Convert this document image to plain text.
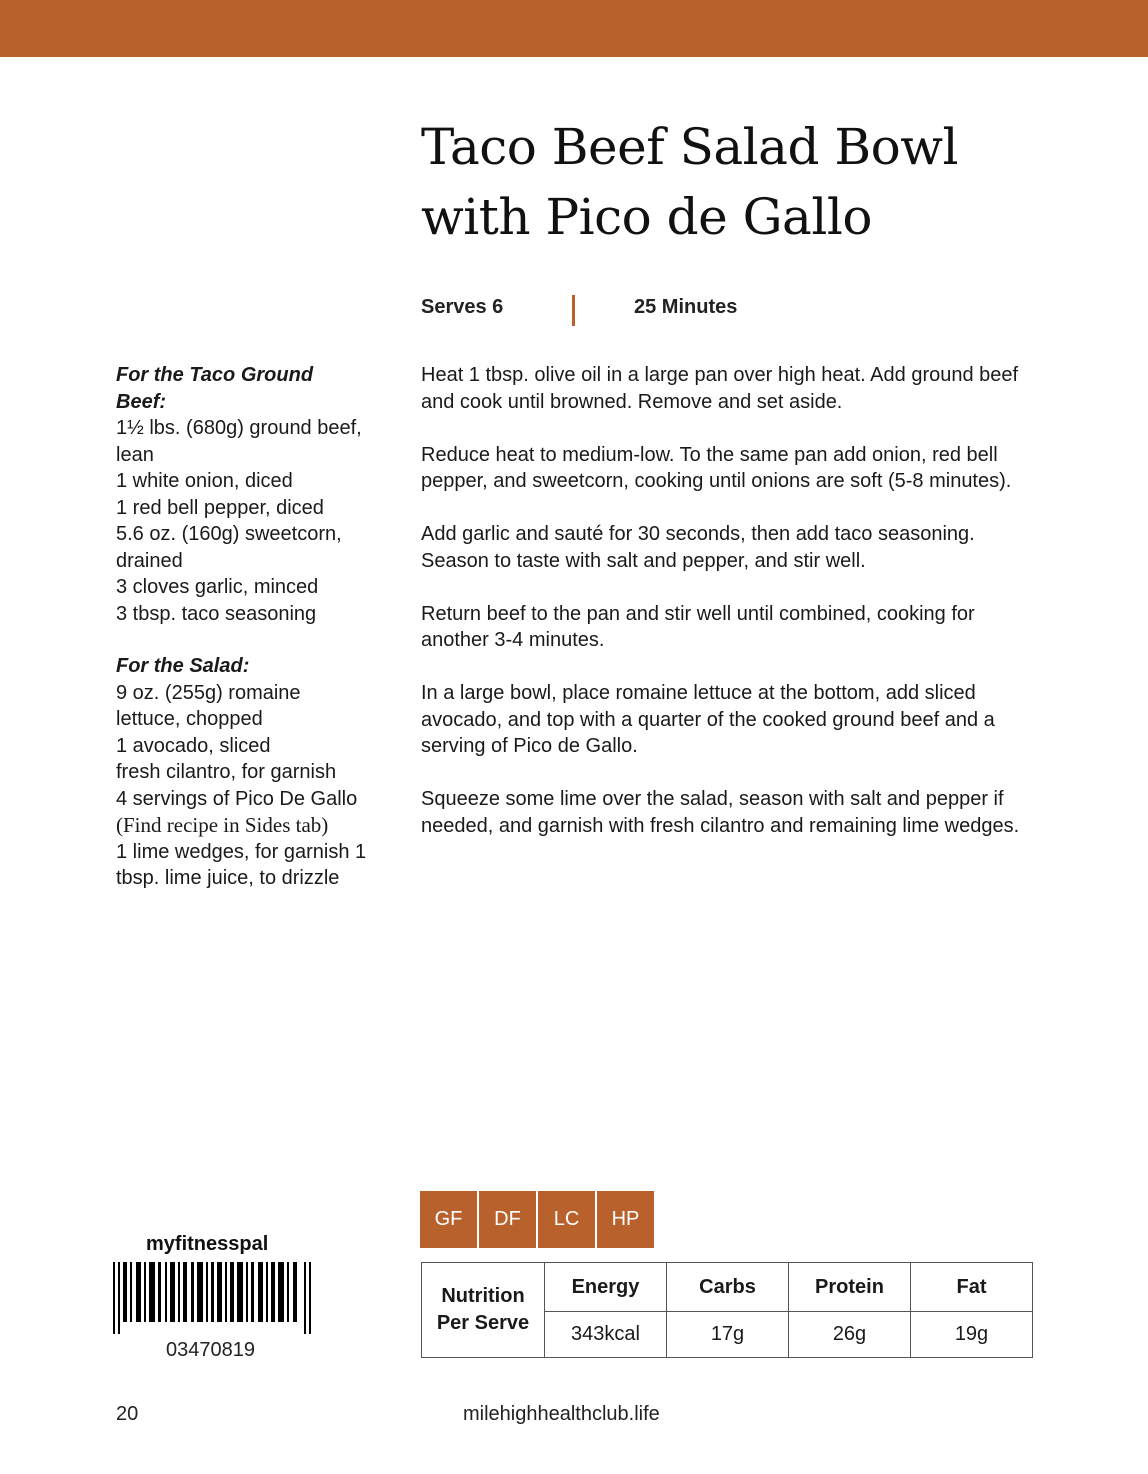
Taco Beef Salad Bowl
with Pico de Gallo
Serves 6	25 Minutes
For the Taco Ground
Beef:
1½ lbs. (680g) ground beef,
lean
1 white onion, diced
1 red bell pepper, diced
5.6 oz. (160g) sweetcorn,
drained
3 cloves garlic, minced
3 tbsp. taco seasoning
For the Salad:
9 oz. (255g) romaine
lettuce, chopped
1 avocado, sliced
fresh cilantro, for garnish
4 servings of Pico De Gallo
(Find recipe in Sides tab)
1 lime wedges, for garnish 1
tbsp. lime juice, to drizzle

Heat 1 tbsp. olive oil in a large pan over high heat. Add ground beef and cook until browned. Remove and set aside.

Reduce heat to medium-low. To the same pan add onion, red bell pepper, and sweetcorn, cooking until onions are soft (5-8 minutes).

Add garlic and sauté for 30 seconds, then add taco seasoning. Season to taste with salt and pepper, and stir well.

Return beef to the pan and stir well until combined, cooking for another 3-4 minutes.

In a large bowl, place romaine lettuce at the bottom, add sliced avocado, and top with a quarter of the cooked ground beef and a serving of Pico de Gallo.

Squeeze some lime over the salad, season with salt and pepper if needed, and garnish with fresh cilantro and remaining lime wedges.

GF	DF	LC	HP
Nutrition
Per Serve	Energy	Carbs	Protein	Fat
	343kcal	17g	26g	19g
myfitnesspal
03470819
20	milehighhealthclub.life
